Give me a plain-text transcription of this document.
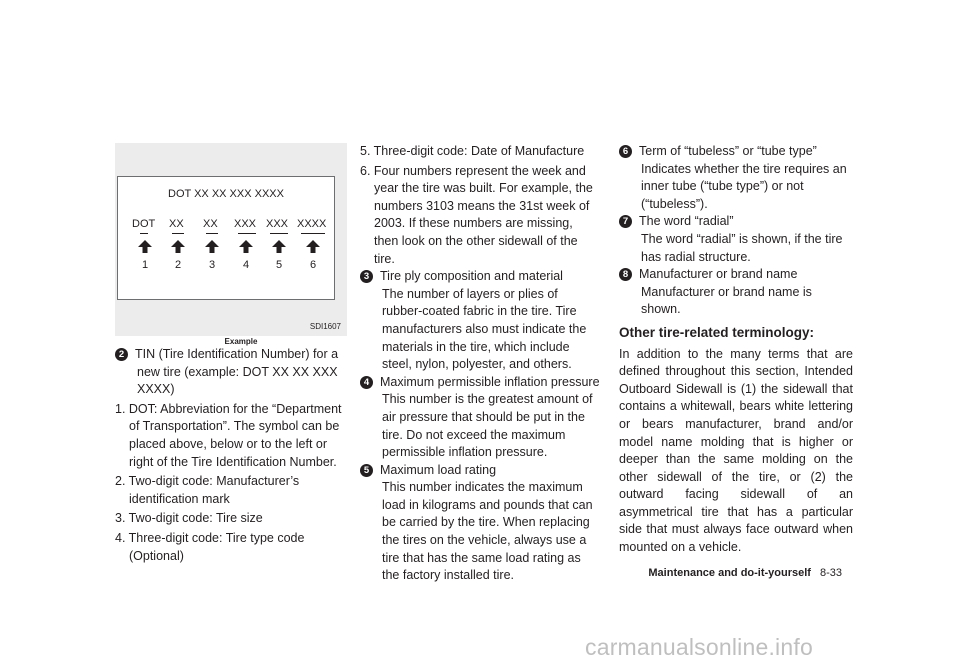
DOT XX XX XXX XXXX
DOT XX XX XXX XXX XXXX
1 2	3	4 5	6
SDI1607
Example

2 TIN (Tire Identification Number) for a new tire (example: DOT XX XX XXX XXXX)

1. DOT: Abbreviation for the “Department of Transportation”. The symbol can be placed above, below or to the left or right of the Tire Identification Number.

2. Two-digit code: Manufacturer’s identification mark

3. Two-digit code: Tire size

4. Three-digit code: Tire type code (Optional)

5. Three-digit code: Date of Manufacture

6. Four numbers represent the week and year the tire was built. For example, the numbers 3103 means the 31st week of 2003. If these numbers are missing, then look on the other sidewall of the tire.

3 Tire ply composition and material

The number of layers or plies of rubber-coated fabric in the tire. Tire manufacturers also must indicate the materials in the tire, which include steel, nylon, polyester, and others.

4 Maximum permissible inflation pressure

This number is the greatest amount of air pressure that should be put in the tire. Do not exceed the maximum permissible inflation pressure.

5 Maximum load rating

This number indicates the maximum load in kilograms and pounds that can be carried by the tire. When replacing the tires on the vehicle, always use a tire that has the same load rating as the factory installed tire.

6 Term of “tubeless” or “tube type”

Indicates whether the tire requires an inner tube (“tube type”) or not (“tubeless”).

7 The word “radial”

The word “radial” is shown, if the tire has radial structure.

8 Manufacturer or brand name

Manufacturer or brand name is shown.

Other tire-related terminology:

In addition to the many terms that are defined throughout this section, Intended Outboard Sidewall is (1) the sidewall that contains a whitewall, bears white lettering or bears manufacturer, brand and/or model name molding that is higher or deeper than the same molding on the other sidewall of the tire, or (2) the outward facing sidewall of an asymmetrical tire that has a particular side that must always face outward when mounted on a vehicle.

Maintenance and do-it-yourself 8-33
carmanualsonline.info
